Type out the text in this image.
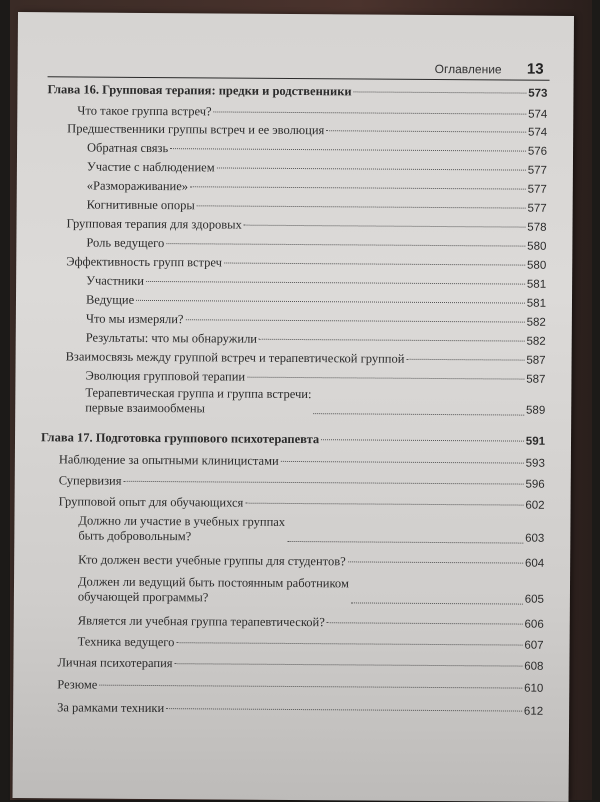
Оглавление 13
Глава 16. Групповая терапия: предки и родственники	573
Что такое группа встреч?	574
Предшественники группы встреч и ее эволюция	574
Обратная связь	576
Участие с наблюдением	577
«Размораживание»	577
Когнитивные опоры	577
Групповая терапия для здоровых	578
Роль ведущего	580
Эффективность групп встреч	580
Участники	581
Ведущие	581
Что мы измеряли?	582
Результаты: что мы обнаружили	582
Взаимосвязь между группой встреч и терапевтической группой	587
Эволюция групповой терапии	587
Терапевтическая группа и группа встречи:
первые взаимообмены	589
Глава 17. Подготовка группового психотерапевта	591
Наблюдение за опытными клиницистами	593
Супервизия	596
Групповой опыт для обучающихся	602
Должно ли участие в учебных группах
быть добровольным?	603
Кто должен вести учебные группы для студентов?	604
Должен ли ведущий быть постоянным работником
обучающей программы?	605
Является ли учебная группа терапевтической?	606
Техника ведущего	607
Личная психотерапия	608
Резюме	610
За рамками техники	612
